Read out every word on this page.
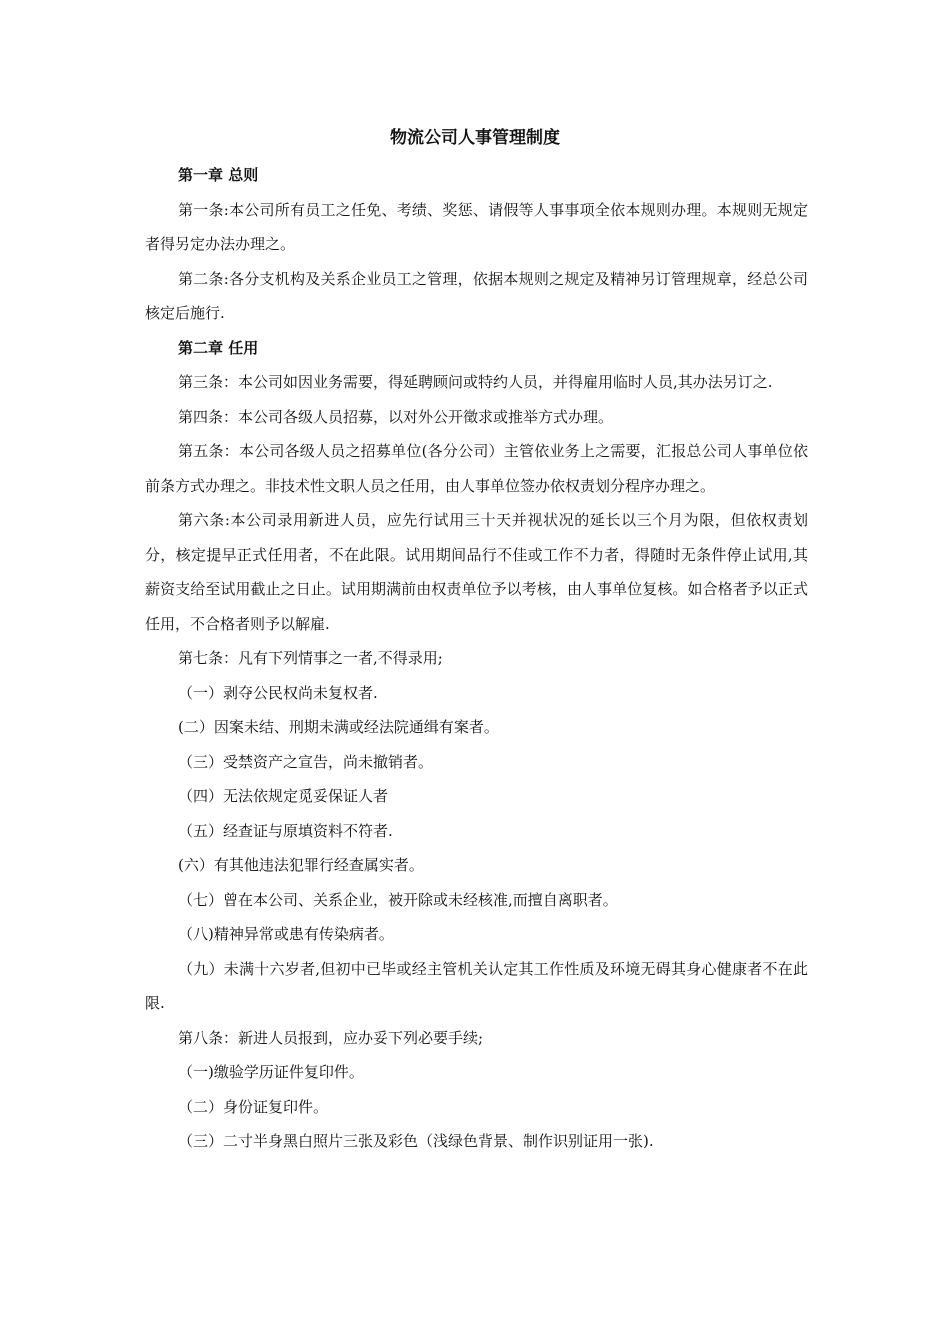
物流公司人事管理制度

第一章 总则

第一条:本公司所有员工之任免、考绩、奖惩、请假等人事事项全依本规则办理。本规则无规定者得另定办法办理之。

第二条:各分支机构及关系企业员工之管理，依据本规则之规定及精神另订管理规章，经总公司核定后施行.

第二章 任用

第三条：本公司如因业务需要，得延聘顾问或特约人员，并得雇用临时人员,其办法另订之.

第四条：本公司各级人员招募，以对外公开徵求或推举方式办理。

第五条：本公司各级人员之招募单位(各分公司）主管依业务上之需要，汇报总公司人事单位依前条方式办理之。非技术性文职人员之任用，由人事单位签办依权责划分程序办理之。

第六条:本公司录用新进人员，应先行试用三十天并视状况的延长以三个月为限，但依权责划分，核定提早正式任用者，不在此限。试用期间品行不佳或工作不力者，得随时无条件停止试用,其薪资支给至试用截止之日止。试用期满前由权责单位予以考核，由人事单位复核。如合格者予以正式任用，不合格者则予以解雇.

第七条：凡有下列情事之一者,不得录用;

（一）剥夺公民权尚未复权者.

(二）因案未结、刑期未满或经法院通缉有案者。

（三）受禁资产之宣告，尚未撤销者。

（四）无法依规定觅妥保证人者

（五）经查证与原填资料不符者.

(六）有其他违法犯罪行经查属实者。

（七）曾在本公司、关系企业，被开除或未经核准,而擅自离职者。

（八)精神异常或患有传染病者。

（九）未满十六岁者,但初中已毕或经主管机关认定其工作性质及环境无碍其身心健康者不在此限.

第八条：新进人员报到，应办妥下列必要手续;

（一)缴验学历证件复印件。

（二）身份证复印件。

（三）二寸半身黑白照片三张及彩色（浅绿色背景、制作识别证用一张).
